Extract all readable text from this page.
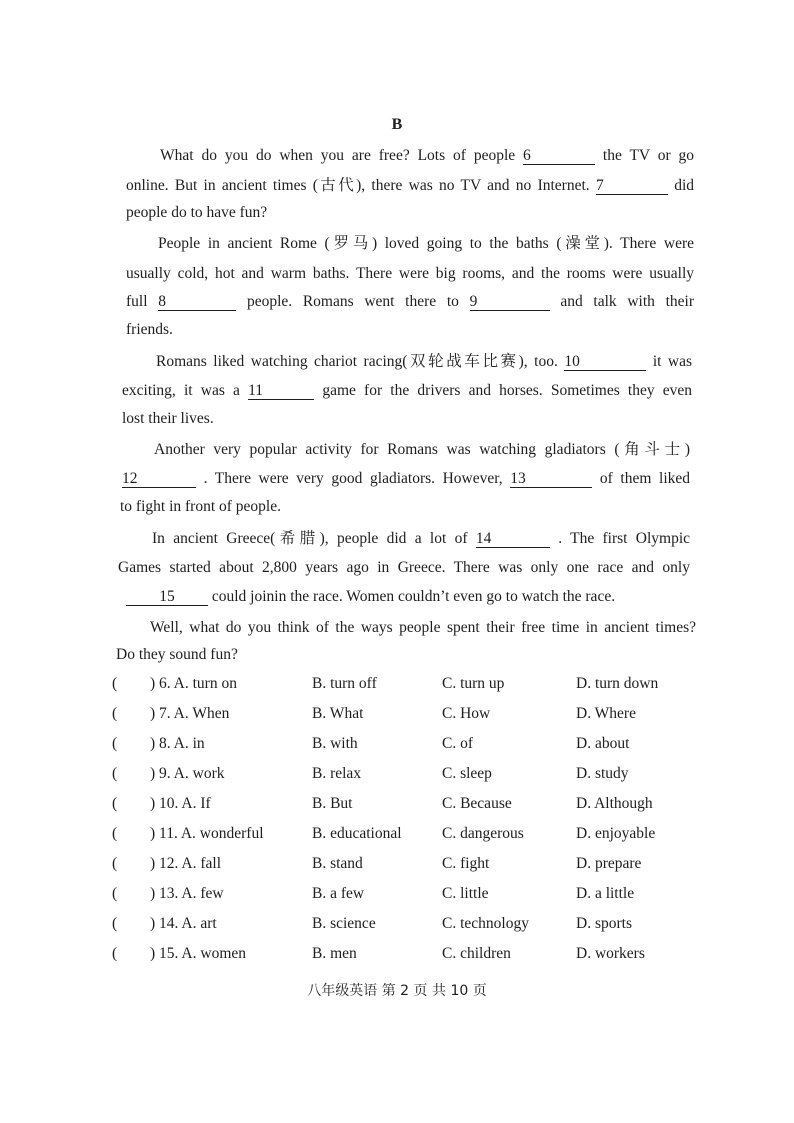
B
What do you do when you are free? Lots of people 6	the TV or go
online. But in ancient times (古代), there was no TV and no Internet. 7	did
people do to have fun?
People in ancient Rome (罗马) loved going to the baths (澡堂). There were
usually cold, hot and warm baths. There were big rooms, and the rooms were usually
full 8	people. Romans went there to 9	and talk with their
friends.
Romans liked watching chariot racing(双轮战车比赛), too. 10	it was
exciting, it was a 11	game for the drivers and horses. Sometimes they even
lost their lives.
Another very popular activity for Romans was watching gladiators (角斗士)
12	. There were very good gladiators. However, 13	of them liked
to fight in front of people.
In ancient Greece(希腊), people did a lot of 14	. The first Olympic
Games started about 2,800 years ago in Greece. There was only one race and only
15 could joinin the race. Women couldn’t even go to watch the race.
Well, what do you think of the ways people spent their free time in ancient times?
Do they sound fun?
( ) 6. A. turn on	B. turn off	C. turn up	D. turn down
( ) 7. A. When	B. What	C. How	D. Where
( ) 8. A. in	B. with	C. of	D. about
( ) 9. A. work	B. relax	C. sleep	D. study
( ) 10. A. If	B. But	C. Because	D. Although
( ) 11. A. wonderful	B. educational	C. dangerous	D. enjoyable
( ) 12. A. fall	B. stand	C. fight	D. prepare
( ) 13. A. few	B. a few	C. little	D. a little
( ) 14. A. art	B. science	C. technology	D. sports
( ) 15. A. women	B. men	C. children	D. workers
八年级英语 第 2 页 共 10 页
